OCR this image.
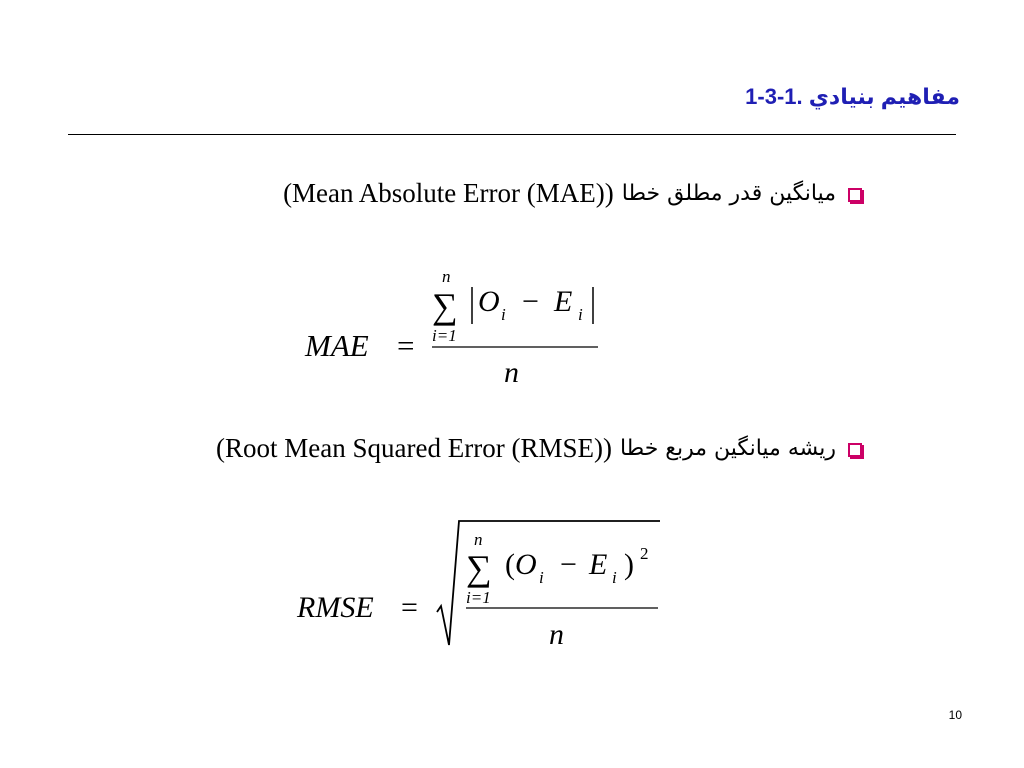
1-3-1. مفاهیم بنیادي
میانگین قدر مطلق خطا
(Mean Absolute Error (MAE))
MAE =
n
∑
i=1
O i − E i
n
ریشه میانگین مربع خطا
(Root Mean Squared Error (RMSE))
RMSE =
n
∑
i=1
( O i − E i ) 2
n
10
